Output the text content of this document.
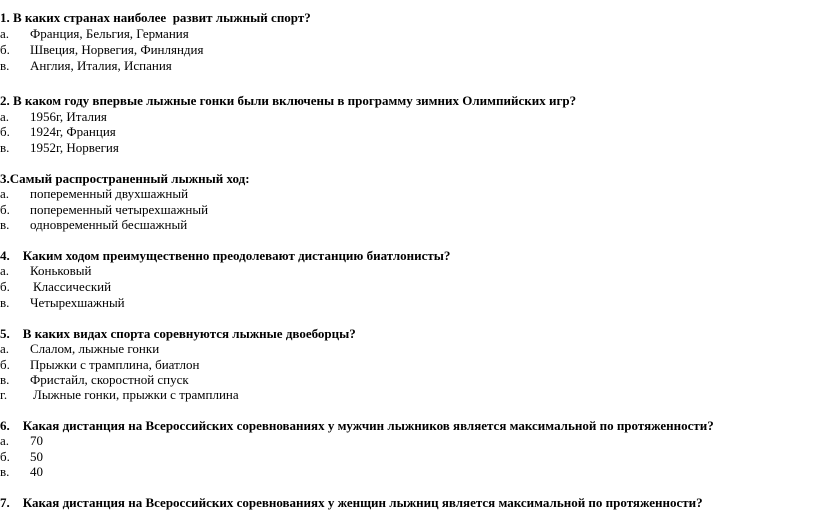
1. В каких странах наиболее  развит лыжный спорт?

а.

Франция, Бельгия, Германия

б.

Швеция, Норвегия, Финляндия

в.

Англия, Италия, Испания

2. В каком году впервые лыжные гонки были включены в программу зимних Олимпийских игр?

а.

1956г, Италия

б.

1924г, Франция

в.

1952г, Норвегия

3.Самый распространенный лыжный ход:

а.

попеременный двухшажный

б.

попеременный четырехшажный

в.

одновременный бесшажный

4.    Каким ходом преимущественно преодолевают дистанцию биатлонисты?

а.

Коньковый

б.

Классический

в.

Четырехшажный

5.    В каких видах спорта соревнуются лыжные двоеборцы?

а.

Слалом, лыжные гонки

б.

Прыжки с трамплина, биатлон

в.

Фристайл, скоростной спуск

г.

Лыжные гонки, прыжки с трамплина

6.    Какая дистанция на Всероссийских соревнованиях у мужчин лыжников является максимальной по протяженности?

а.

70

б.

50

в.

40

7.    Какая дистанция на Всероссийских соревнованиях у женщин лыжниц является максимальной по протяженности?
